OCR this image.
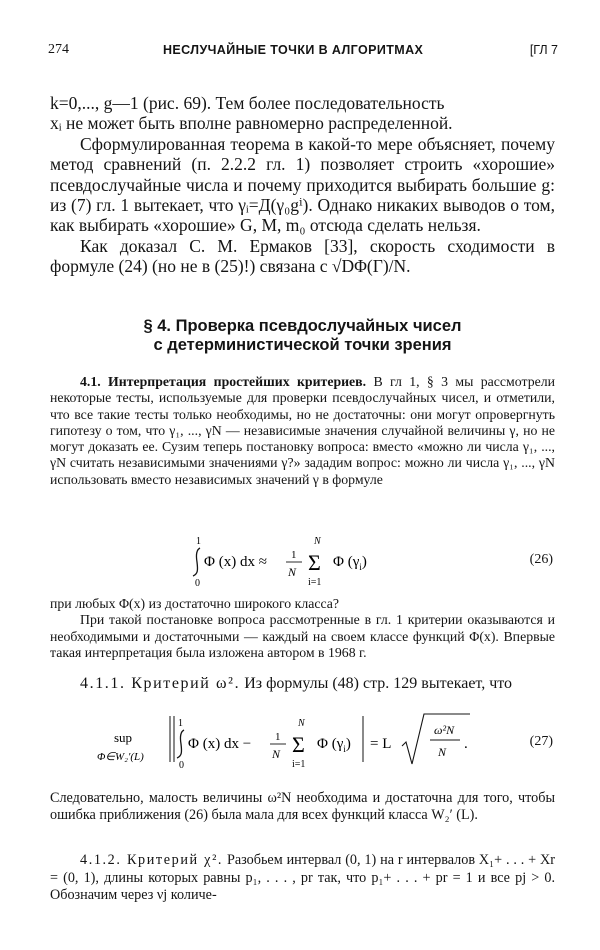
274	НЕСЛУЧАЙНЫЕ ТОЧКИ В АЛГОРИТМАХ	[ГЛ 7

k=0,..., g—1 (рис. 69). Тем более последовательность

xᵢ не может быть вполне равномерно распределенной.

Сформулированная теорема в какой-то мере объясняет, почему метод сравнений (п. 2.2.2 гл. 1) позволяет строить «хорошие» псевдослучайные числа и почему приходится выбирать большие g: из (7) гл. 1 вытекает, что γᵢ=Д(γ₀gⁱ). Однако никаких выводов о том, как выбирать «хорошие» G, M, m₀ отсюда сделать нельзя.

Как доказал С. М. Ермаков [33], скорость сходимости в формуле (24) (но не в (25)!) связана с √DΦ(Γ)/N.

§ 4. Проверка псевдослучайных чисел
с детерминистической точки зрения

4.1. Интерпретация простейших критериев. В гл 1, § 3 мы рассмотрели некоторые тесты, используемые для проверки псевдослучайных чисел, и отметили, что все такие тесты только необходимы, но не достаточны: они могут опровергнуть гипотезу о том, что γ₁, ..., γN — независимые значения случайной величины γ, но не могут доказать ее. Сузим теперь постановку вопроса: вместо «можно ли числа γ₁, ..., γN считать независимыми значениями γ?» зададим вопрос: можно ли числа γ₁, ..., γN использовать вместо независимых значений γ в формуле

1
0
Φ (x) dx ≈ 1
N
N
Σ
i=1
Φ $(\gamma_i)$	(26)

при любых Φ(x) из достаточно широкого класса?

При такой постановке вопроса рассмотренные в гл. 1 критерии оказываются и необходимыми и достаточными — каждый на своем классе функций Φ(x). Впервые такая интерпретация была изложена автором в 1968 г.

4.1.1. Критерий ω². Из формулы (48) стр. 129 вытекает, что

sup
Φ∈W₂′(L)
1
0
Φ (x) dx − 1
N
N
Σ
i=1
Φ $(\gamma_i) = L$
ω²N
N .	(27)

Следовательно, малость величины ω²N необходима и достаточна для того, чтобы ошибка приближения (26) была мала для всех функций класса W₂′ (L).

4.1.2. Критерий χ². Разобьем интервал (0, 1) на r интервалов X₁+ . . . + Xr = (0, 1), длины которых равны p₁, . . . , pr так, что p₁+ . . . + pr = 1 и все pj > 0. Обозначим через νj количе-
